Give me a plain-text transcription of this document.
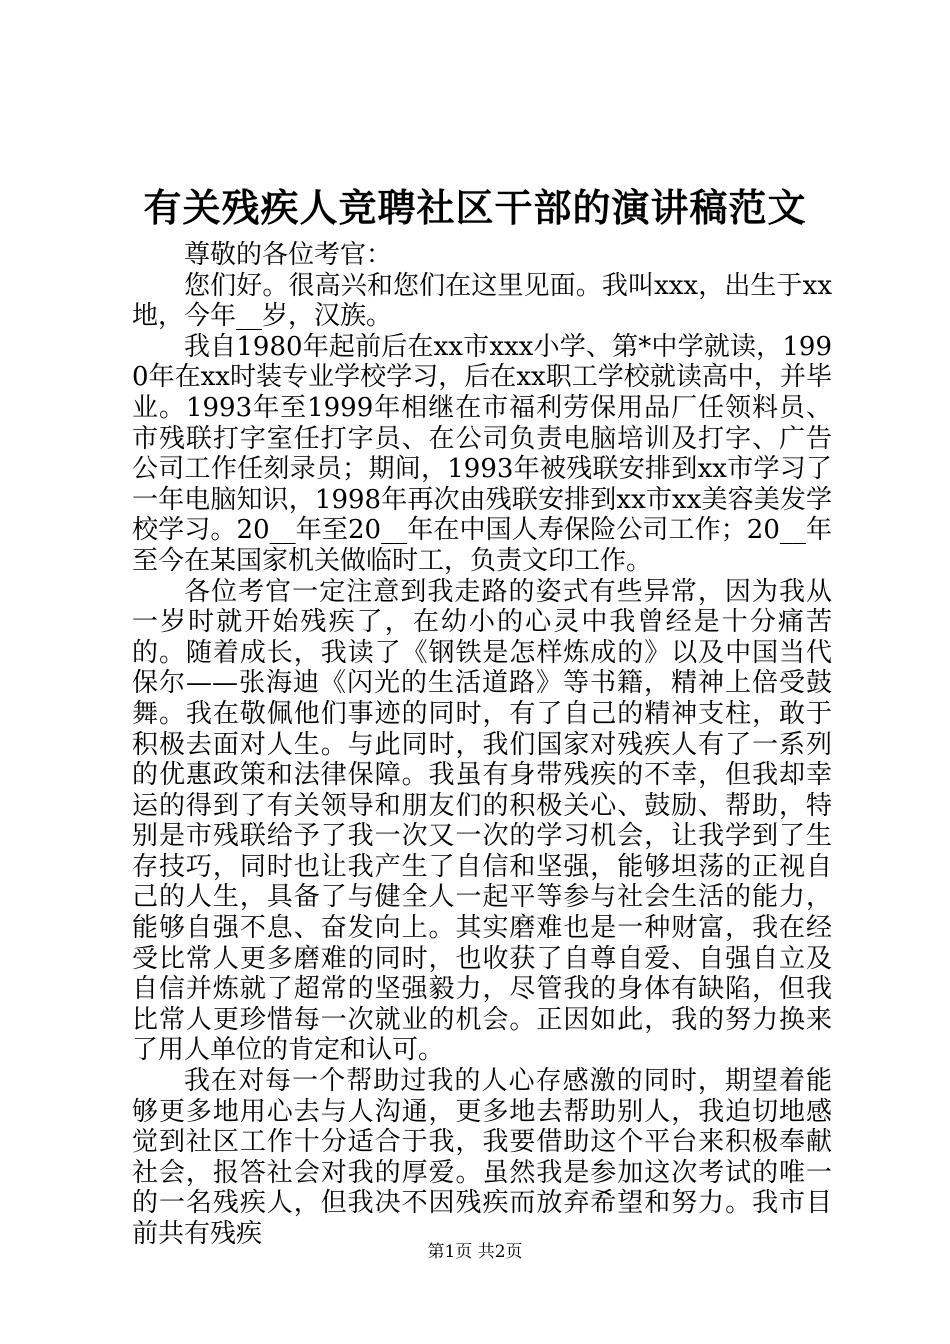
有关残疾人竞聘社区干部的演讲稿范文

尊敬的各位考官：

您们好。很高兴和您们在这里见面。我叫xxx，出生于xx地，今年__岁，汉族。

我自1980年起前后在xx市xxx小学、第*中学就读，1990年在xx时装专业学校学习，后在xx职工学校就读高中，并毕业。1993年至1999年相继在市福利劳保用品厂任领料员、市残联打字室任打字员、在公司负责电脑培训及打字、广告公司工作任刻录员；期间，1993年被残联安排到xx市学习了一年电脑知识，1998年再次由残联安排到xx市xx美容美发学校学习。20__年至20__年在中国人寿保险公司工作；20__年至今在某国家机关做临时工，负责文印工作。

各位考官一定注意到我走路的姿式有些异常，因为我从一岁时就开始残疾了，在幼小的心灵中我曾经是十分痛苦的。随着成长，我读了《钢铁是怎样炼成的》以及中国当代保尔——张海迪《闪光的生活道路》等书籍，精神上倍受鼓舞。我在敬佩他们事迹的同时，有了自己的精神支柱，敢于积极去面对人生。与此同时，我们国家对残疾人有了一系列的优惠政策和法律保障。我虽有身带残疾的不幸，但我却幸运的得到了有关领导和朋友们的积极关心、鼓励、帮助，特别是市残联给予了我一次又一次的学习机会，让我学到了生存技巧，同时也让我产生了自信和坚强，能够坦荡的正视自己的人生，具备了与健全人一起平等参与社会生活的能力，能够自强不息、奋发向上。其实磨难也是一种财富，我在经受比常人更多磨难的同时，也收获了自尊自爱、自强自立及自信并炼就了超常的坚强毅力，尽管我的身体有缺陷，但我比常人更珍惜每一次就业的机会。正因如此，我的努力换来了用人单位的肯定和认可。

我在对每一个帮助过我的人心存感激的同时，期望着能够更多地用心去与人沟通，更多地去帮助别人，我迫切地感觉到社区工作十分适合于我，我要借助这个平台来积极奉献社会，报答社会对我的厚爱。虽然我是参加这次考试的唯一的一名残疾人，但我决不因残疾而放弃希望和努力。我市目前共有残疾

第1页 共2页
